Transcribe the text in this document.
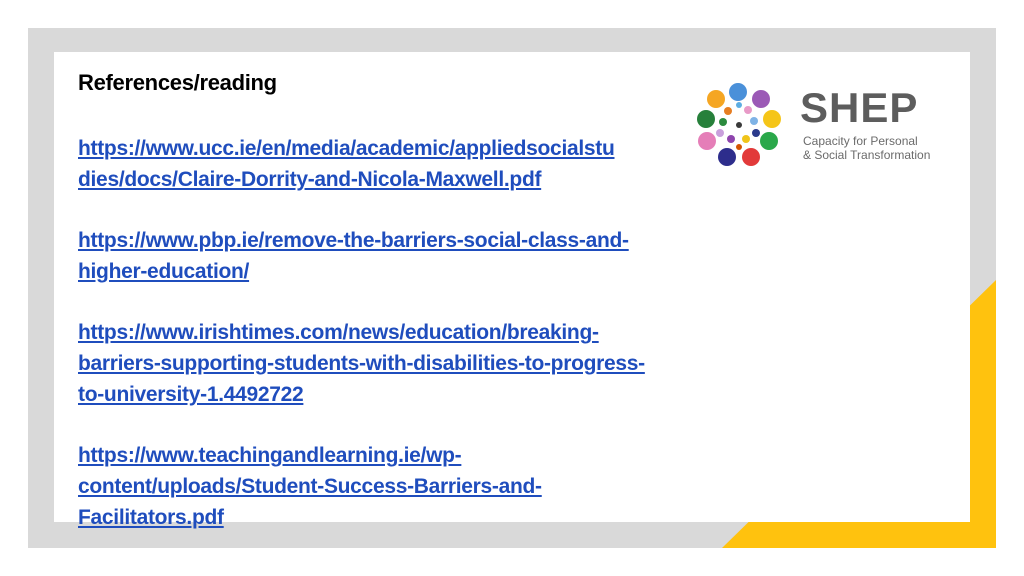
References/reading
https://www.ucc.ie/en/media/academic/appliedsocialstu
dies/docs/Claire-Dorrity-and-Nicola-Maxwell.pdf
https://www.pbp.ie/remove-the-barriers-social-class-and-
higher-education/
https://www.irishtimes.com/news/education/breaking-
barriers-supporting-students-with-disabilities-to-progress-
to-university-1.4492722
https://www.teachingandlearning.ie/wp-
content/uploads/Student-Success-Barriers-and-
Facilitators.pdf
SHEP
Capacity for Personal
& Social Transformation
